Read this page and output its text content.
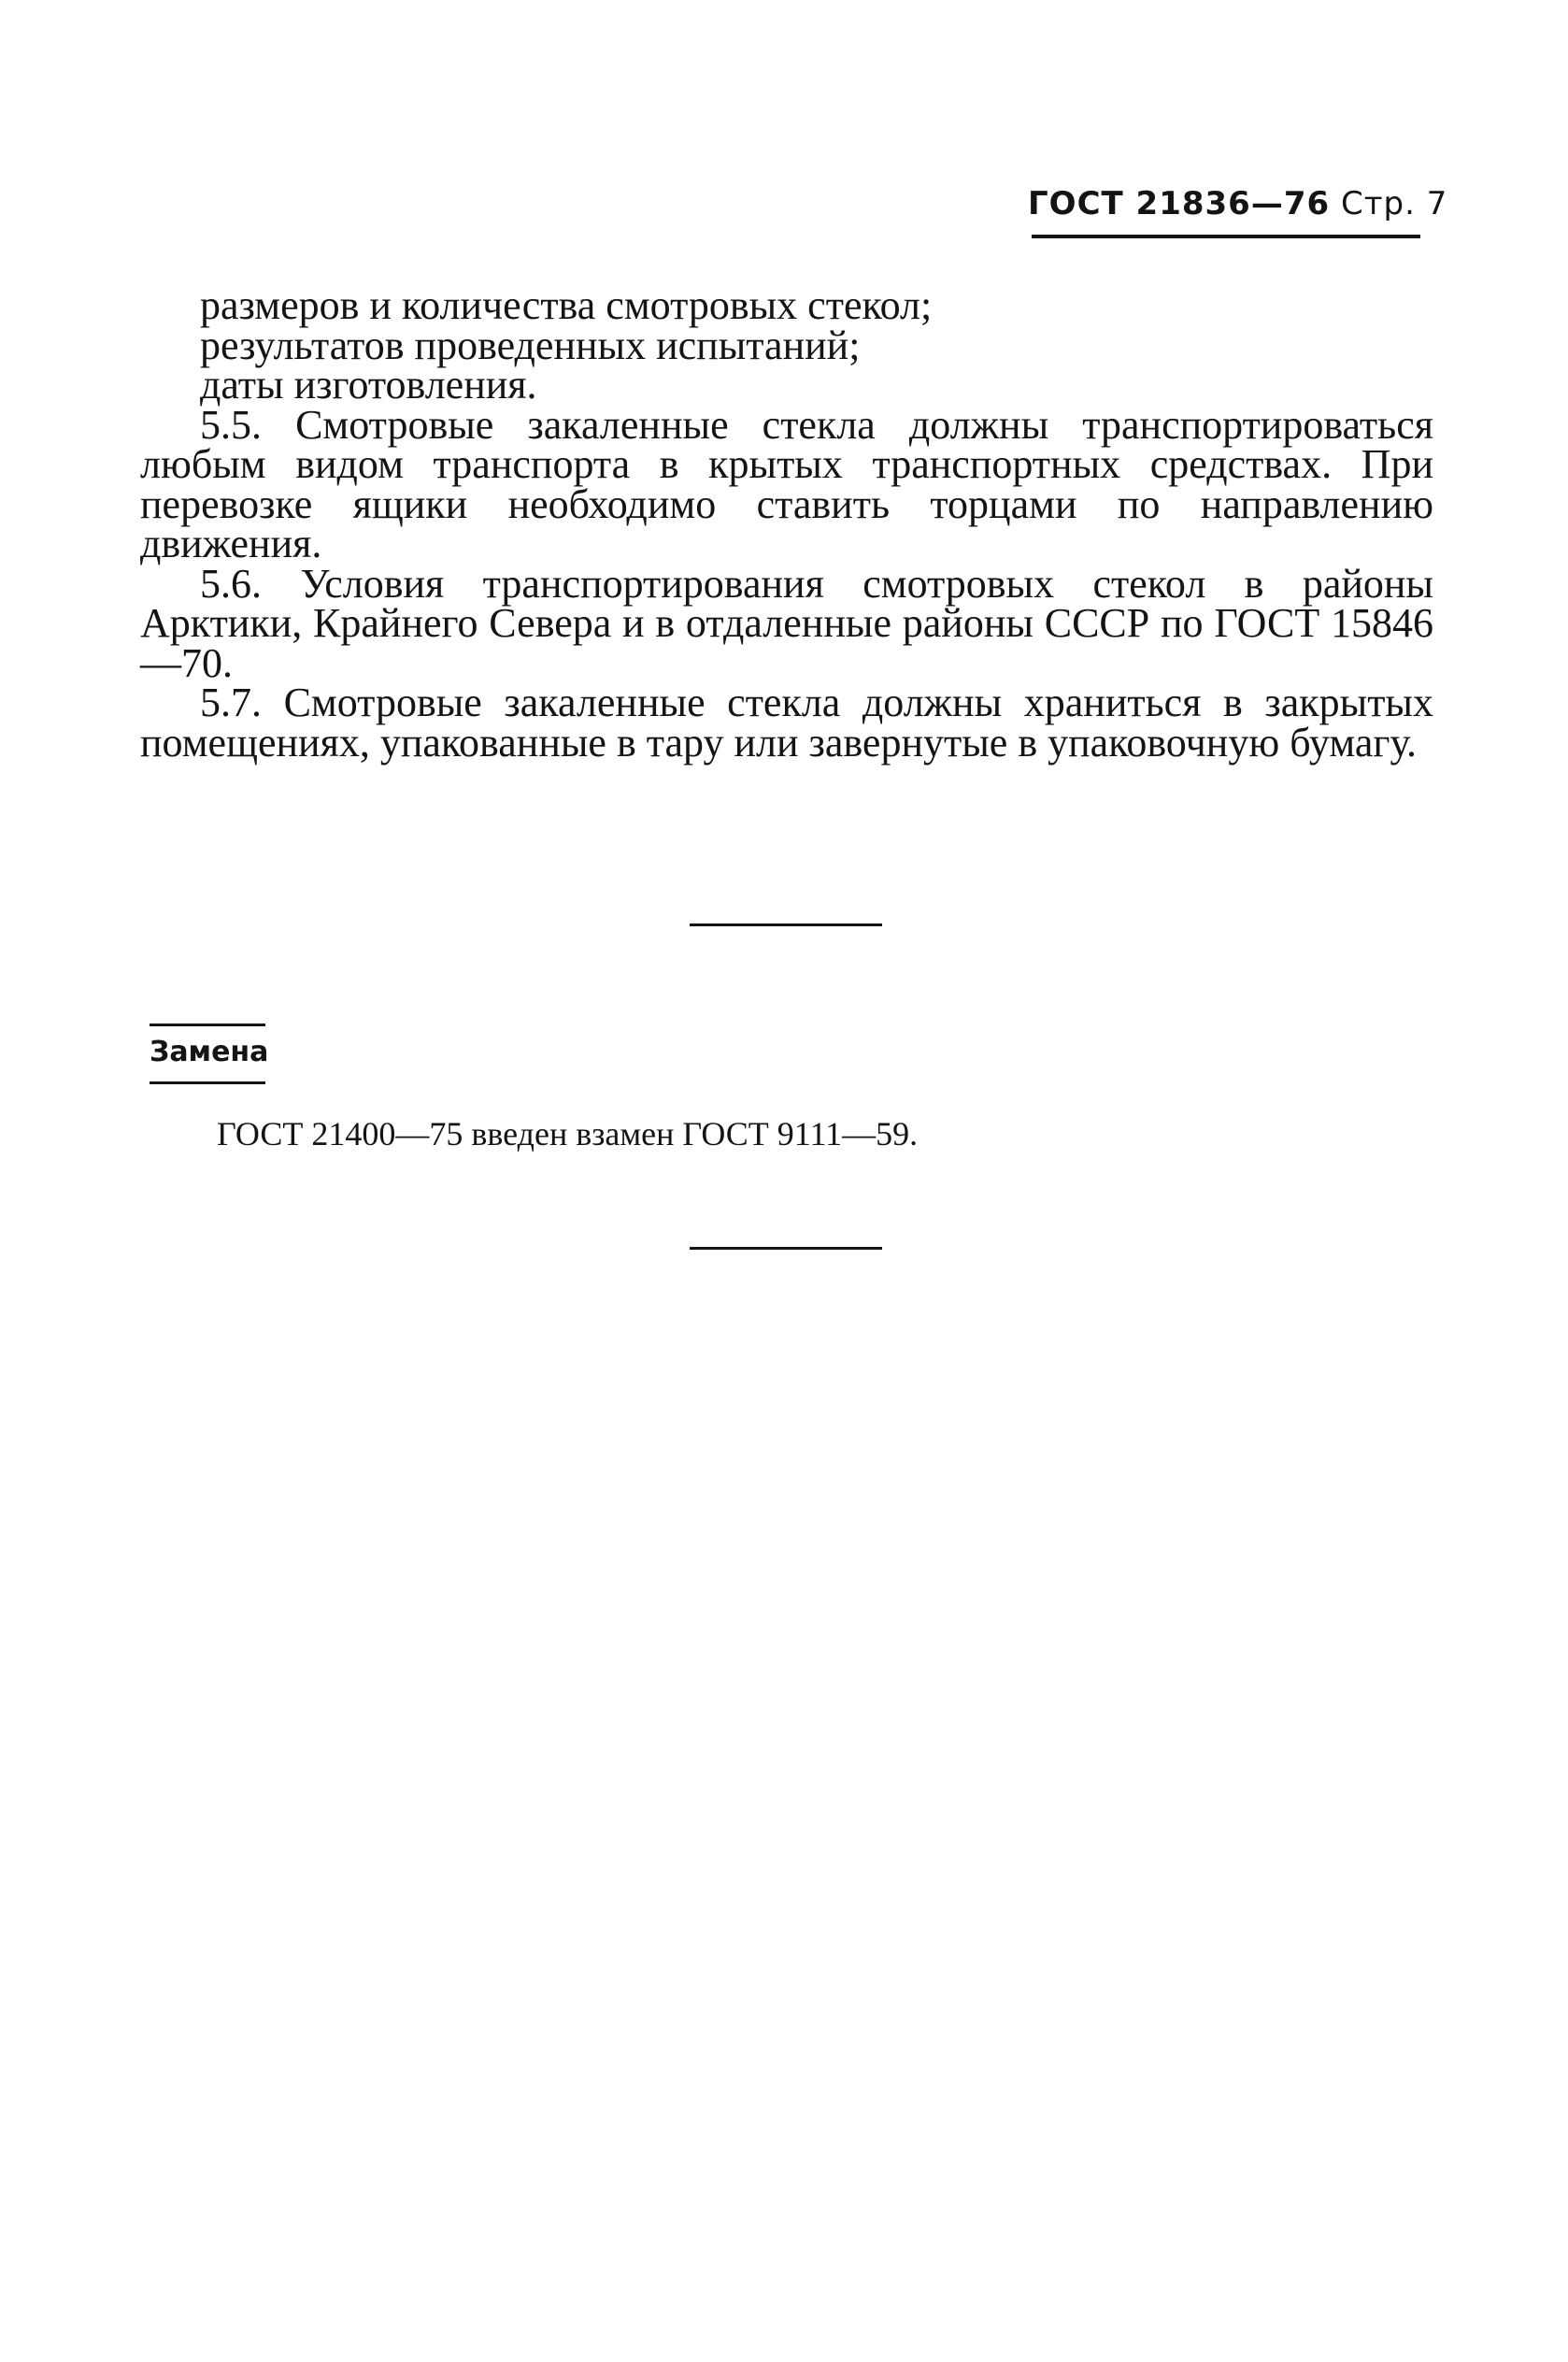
ГОСТ 21836—76 Стр. 7

размеров и количества смотровых стекол;

результатов проведенных испытаний;

даты изготовления.

5.5. Смотровые закаленные стекла должны транспортироваться любым видом транспорта в крытых транспортных средствах. При перевозке ящики необходимо ставить торцами по направлению движения.

5.6. Условия транспортирования смотровых стекол в районы Арктики, Крайнего Севера и в отдаленные районы СССР по ГОСТ 15846—70.

5.7. Смотровые закаленные стекла должны храниться в закрытых помещениях, упакованные в тару или завернутые в упаковочную бумагу.

Замена
ГОСТ 21400—75 введен взамен ГОСТ 9111—59.
